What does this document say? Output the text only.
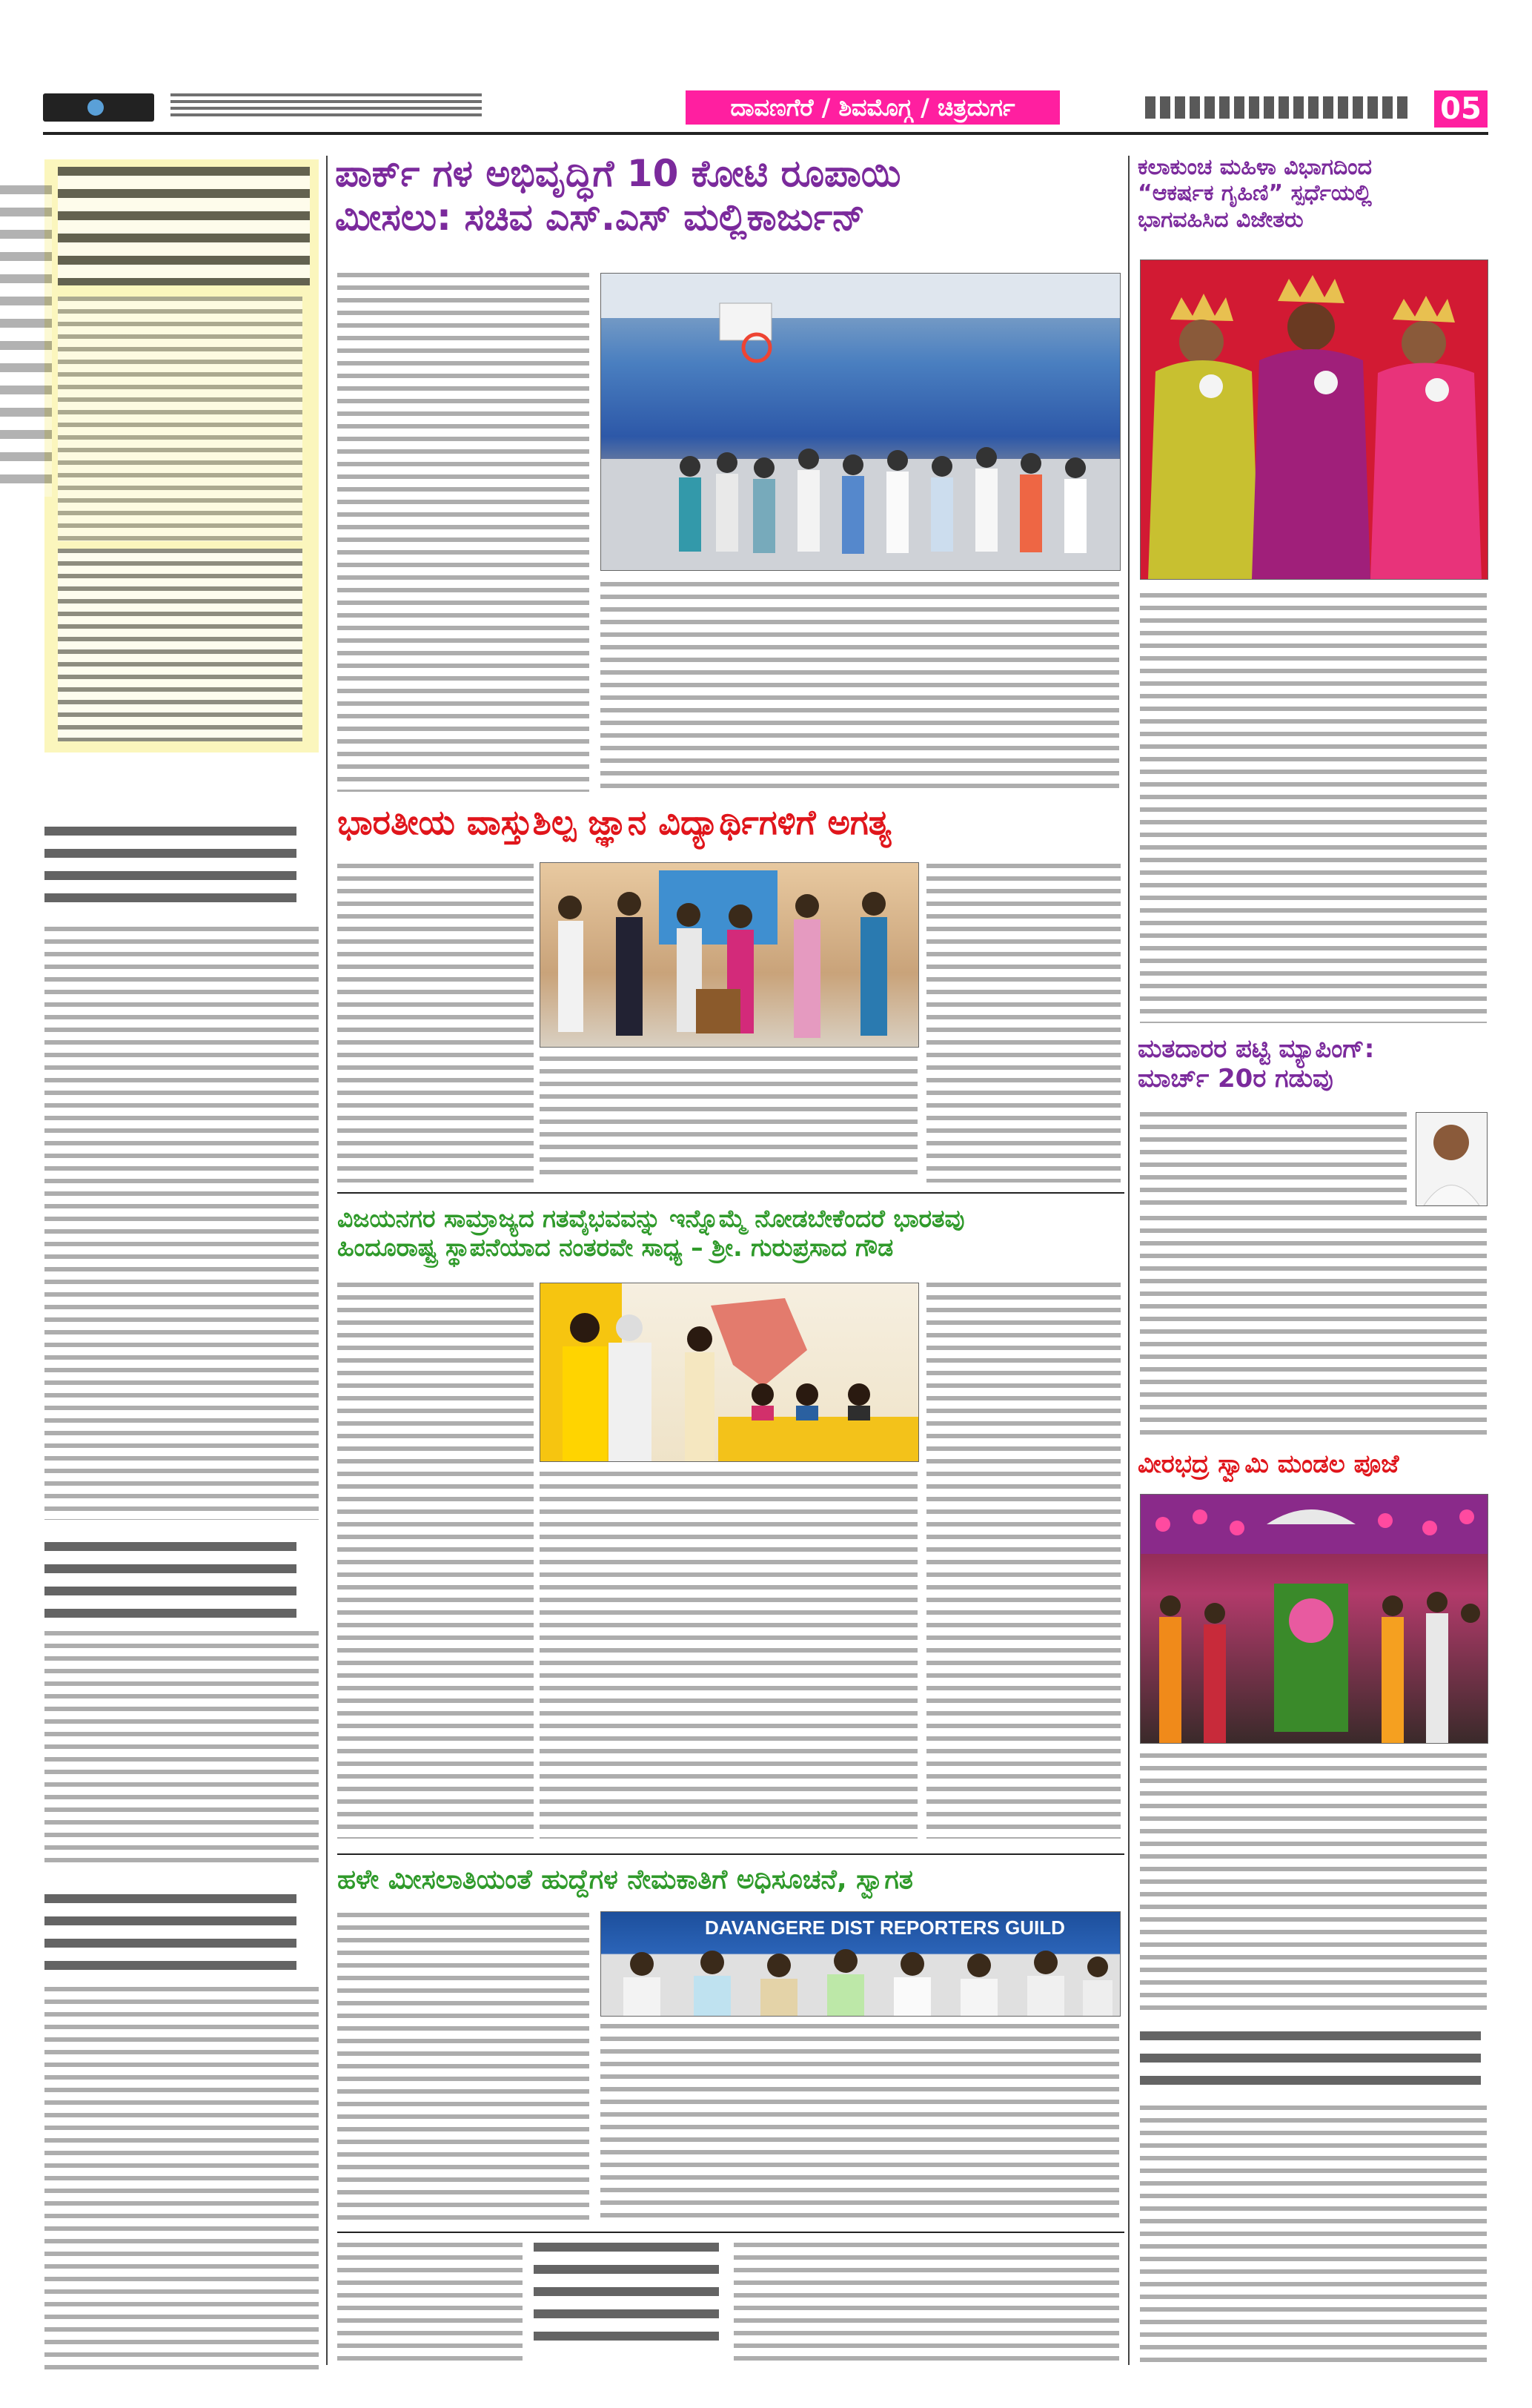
ದಾವಣಗೆರೆ / ಶಿವಮೊಗ್ಗ / ಚಿತ್ರದುರ್ಗ	05
ಪಾರ್ಕ್ ಗಳ ಅಭಿವೃದ್ಧಿಗೆ 10 ಕೋಟಿ ರೂಪಾಯಿ
ಮೀಸಲು: ಸಚಿವ ಎಸ್.ಎಸ್ ಮಲ್ಲಿಕಾರ್ಜುನ್
ಭಾರತೀಯ ವಾಸ್ತುಶಿಲ್ಪ ಜ್ಞಾನ ವಿದ್ಯಾರ್ಥಿಗಳಿಗೆ ಅಗತ್ಯ
ವಿಜಯನಗರ ಸಾಮ್ರಾಜ್ಯದ ಗತವೈಭವವನ್ನು ಇನ್ನೊಮ್ಮೆ ನೋಡಬೇಕೆಂದರೆ ಭಾರತವು
ಹಿಂದೂರಾಷ್ಟ್ರ ಸ್ಥಾಪನೆಯಾದ ನಂತರವೇ ಸಾಧ್ಯ – ಶ್ರೀ. ಗುರುಪ್ರಸಾದ ಗೌಡ
ಹಳೇ ಮೀಸಲಾತಿಯಂತೆ ಹುದ್ದೆಗಳ ನೇಮಕಾತಿಗೆ ಅಧಿಸೂಚನೆ, ಸ್ವಾಗತ
DAVANGERE DIST REPORTERS GUILD
ಕಲಾಕುಂಚ ಮಹಿಳಾ ವಿಭಾಗದಿಂದ
“ಆಕರ್ಷಕ ಗೃಹಿಣಿ” ಸ್ಪರ್ಧೆಯಲ್ಲಿ
ಭಾಗವಹಿಸಿದ ವಿಜೇತರು
ಮತದಾರರ ಪಟ್ಟಿ ಮ್ಯಾಪಿಂಗ್:
ಮಾರ್ಚ್ 20ರ ಗಡುವು
ವೀರಭದ್ರ ಸ್ವಾಮಿ ಮಂಡಲ ಪೂಜೆ
